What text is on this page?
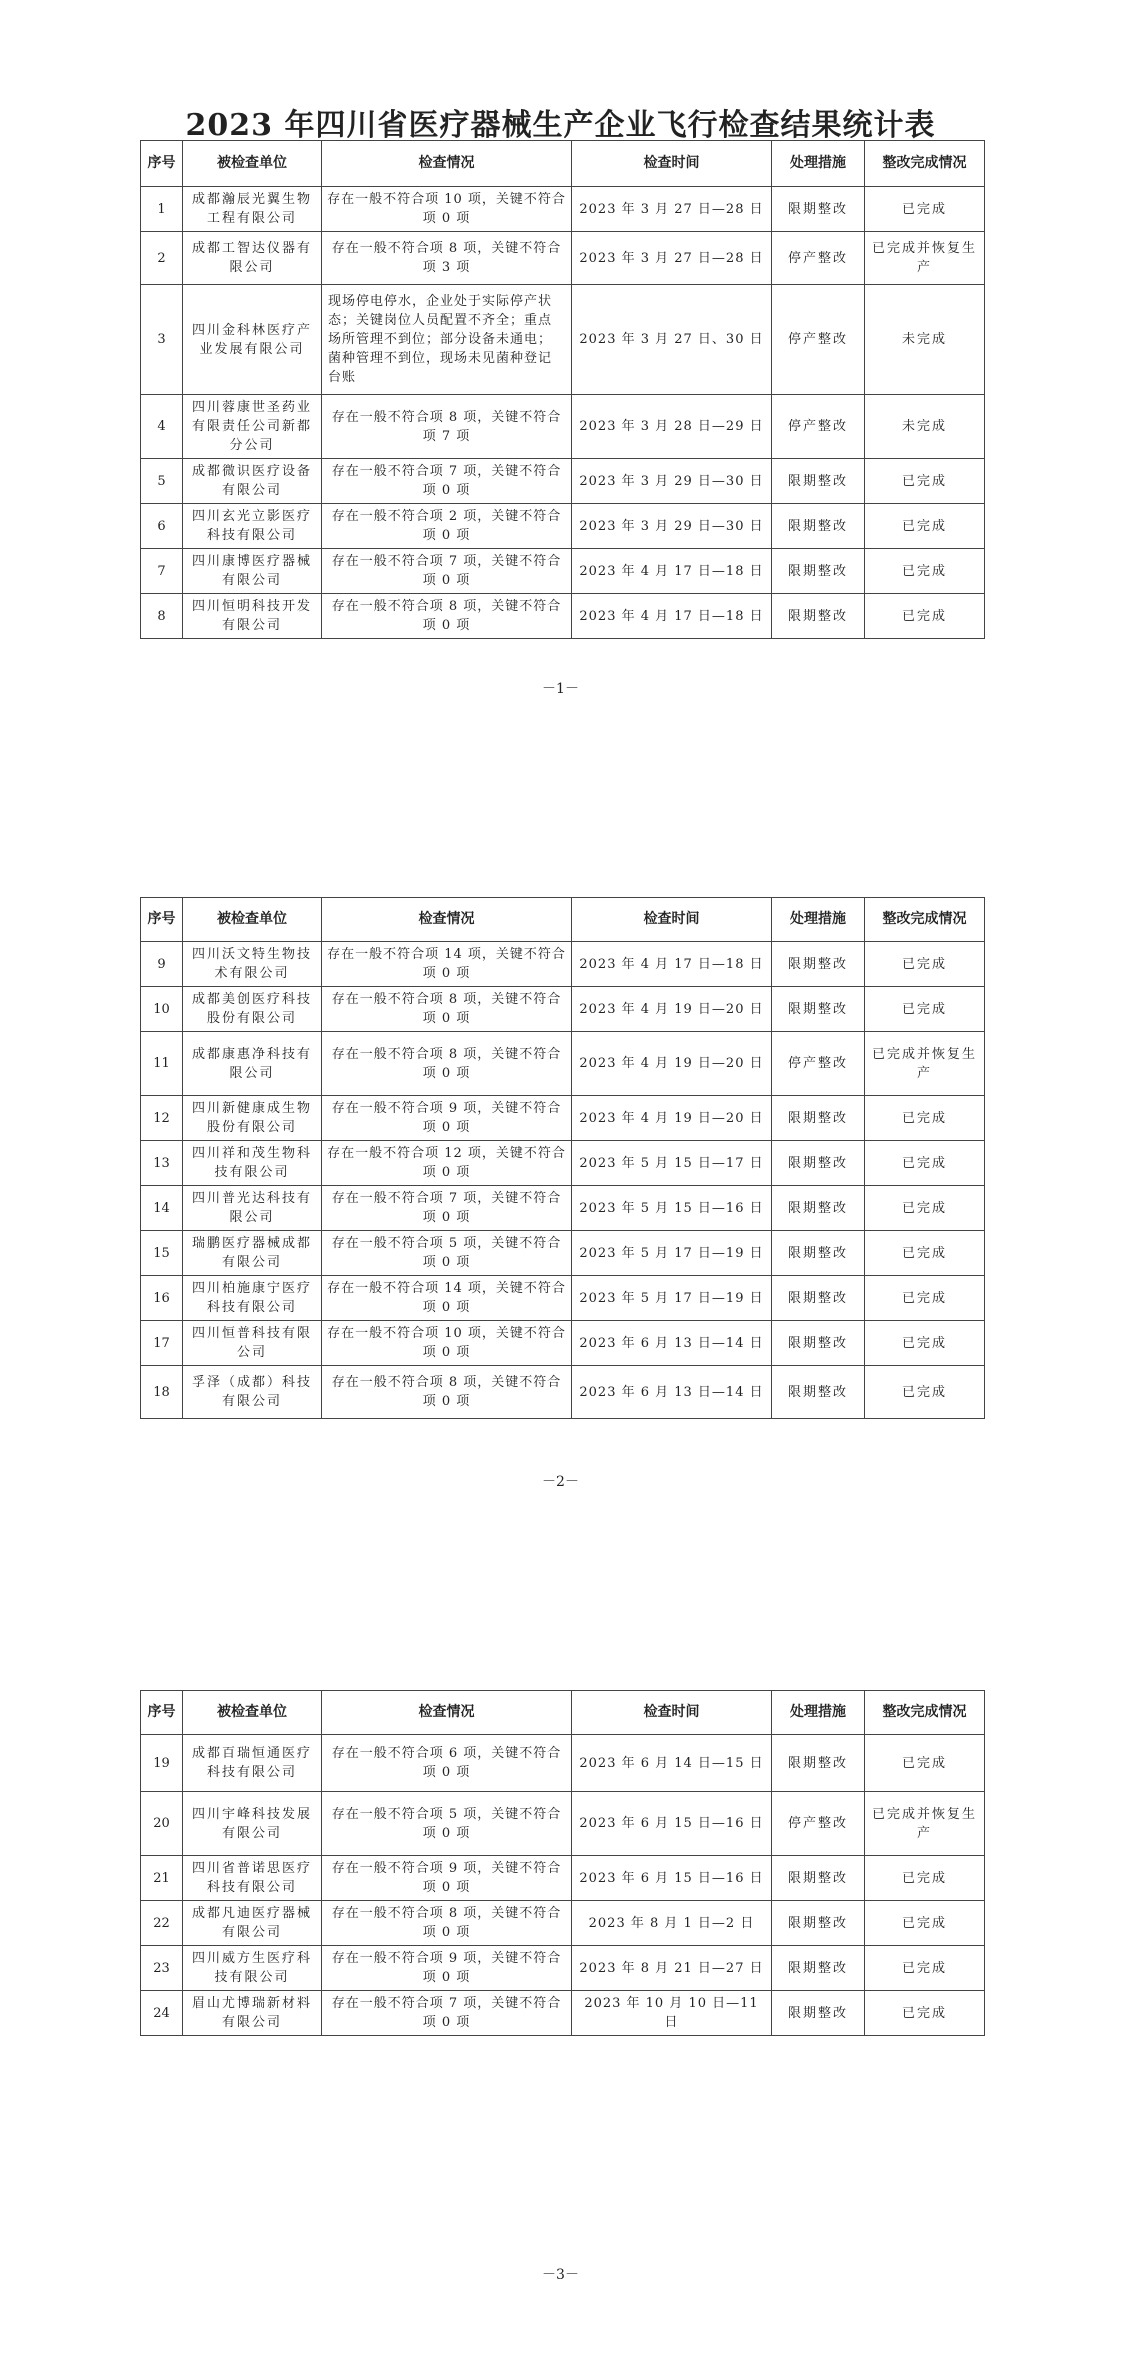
2023 年四川省医疗器械生产企业飞行检查结果统计表
序号	被检查单位	检查情况	检查时间	处理措施	整改完成情况
1	成都瀚辰光翼生物工程有限公司	存在一般不符合项 10 项，关键不符合项 0 项	2023 年 3 月 27 日—28 日	限期整改	已完成
2	成都工智达仪器有限公司	存在一般不符合项 8 项，关键不符合项 3 项	2023 年 3 月 27 日—28 日	停产整改	已完成并恢复生产
3	四川金科林医疗产业发展有限公司	现场停电停水，企业处于实际停产状态；关键岗位人员配置不齐全；重点场所管理不到位；部分设备未通电；菌种管理不到位，现场未见菌种登记台账	2023 年 3 月 27 日、30 日	停产整改	未完成
4	四川蓉康世圣药业有限责任公司新都分公司	存在一般不符合项 8 项，关键不符合项 7 项	2023 年 3 月 28 日—29 日	停产整改	未完成
5	成都微识医疗设备有限公司	存在一般不符合项 7 项，关键不符合项 0 项	2023 年 3 月 29 日—30 日	限期整改	已完成
6	四川玄光立影医疗科技有限公司	存在一般不符合项 2 项，关键不符合项 0 项	2023 年 3 月 29 日—30 日	限期整改	已完成
7	四川康博医疗器械有限公司	存在一般不符合项 7 项，关键不符合项 0 项	2023 年 4 月 17 日—18 日	限期整改	已完成
8	四川恒明科技开发有限公司	存在一般不符合项 8 项，关键不符合项 0 项	2023 年 4 月 17 日—18 日	限期整改	已完成
－1－
序号	被检查单位	检查情况	检查时间	处理措施	整改完成情况
9	四川沃文特生物技术有限公司	存在一般不符合项 14 项，关键不符合项 0 项	2023 年 4 月 17 日—18 日	限期整改	已完成
10	成都美创医疗科技股份有限公司	存在一般不符合项 8 项，关键不符合项 0 项	2023 年 4 月 19 日—20 日	限期整改	已完成
11	成都康惠净科技有限公司	存在一般不符合项 8 项，关键不符合项 0 项	2023 年 4 月 19 日—20 日	停产整改	已完成并恢复生产
12	四川新健康成生物股份有限公司	存在一般不符合项 9 项，关键不符合项 0 项	2023 年 4 月 19 日—20 日	限期整改	已完成
13	四川祥和茂生物科技有限公司	存在一般不符合项 12 项，关键不符合项 0 项	2023 年 5 月 15 日—17 日	限期整改	已完成
14	四川普光达科技有限公司	存在一般不符合项 7 项，关键不符合项 0 项	2023 年 5 月 15 日—16 日	限期整改	已完成
15	瑞鹏医疗器械成都有限公司	存在一般不符合项 5 项，关键不符合项 0 项	2023 年 5 月 17 日—19 日	限期整改	已完成
16	四川柏施康宁医疗科技有限公司	存在一般不符合项 14 项，关键不符合项 0 项	2023 年 5 月 17 日—19 日	限期整改	已完成
17	四川恒普科技有限公司	存在一般不符合项 10 项，关键不符合项 0 项	2023 年 6 月 13 日—14 日	限期整改	已完成
18	孚泽（成都）科技有限公司	存在一般不符合项 8 项，关键不符合项 0 项	2023 年 6 月 13 日—14 日	限期整改	已完成
－2－
序号	被检查单位	检查情况	检查时间	处理措施	整改完成情况
19	成都百瑞恒通医疗科技有限公司	存在一般不符合项 6 项，关键不符合项 0 项	2023 年 6 月 14 日—15 日	限期整改	已完成
20	四川宇峰科技发展有限公司	存在一般不符合项 5 项，关键不符合项 0 项	2023 年 6 月 15 日—16 日	停产整改	已完成并恢复生产
21	四川省普诺思医疗科技有限公司	存在一般不符合项 9 项，关键不符合项 0 项	2023 年 6 月 15 日—16 日	限期整改	已完成
22	成都凡迪医疗器械有限公司	存在一般不符合项 8 项，关键不符合项 0 项	2023 年 8 月 1 日—2 日	限期整改	已完成
23	四川威方生医疗科技有限公司	存在一般不符合项 9 项，关键不符合项 0 项	2023 年 8 月 21 日—27 日	限期整改	已完成
24	眉山尤博瑞新材料有限公司	存在一般不符合项 7 项，关键不符合项 0 项	2023 年 10 月 10 日—11 日	限期整改	已完成
－3－
